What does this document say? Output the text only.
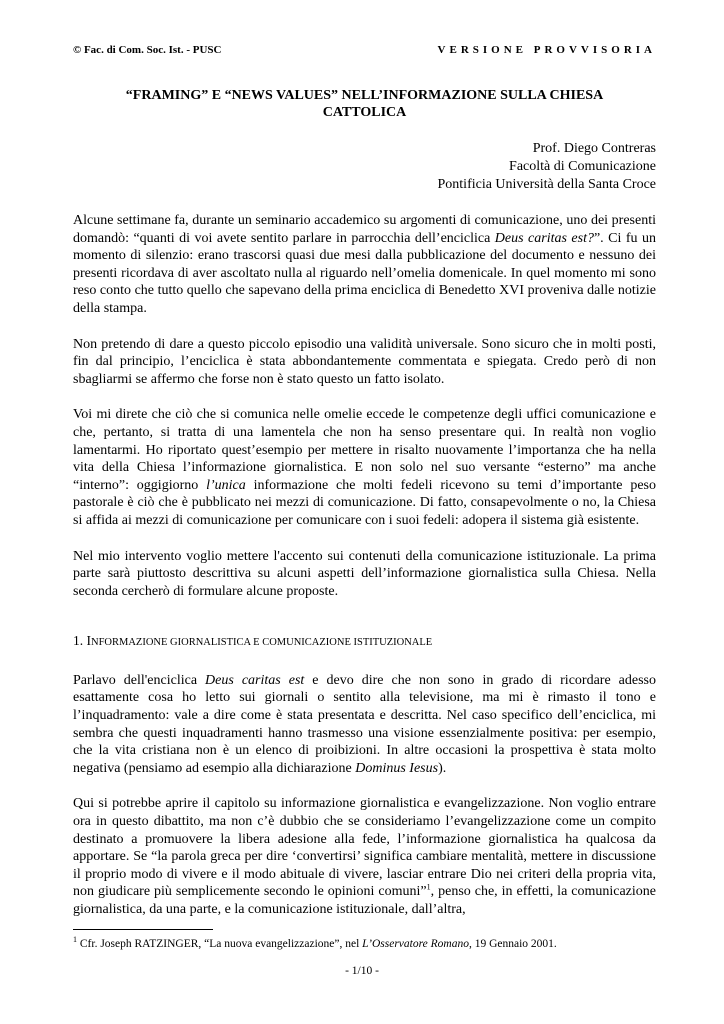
© Fac. di Com. Soc. Ist. - PUSC	VERSIONE PROVVISORIA
“FRAMING” E “NEWS VALUES” NELL’INFORMAZIONE SULLA CHIESA
CATTOLICA
Prof. Diego Contreras
Facoltà di Comunicazione
Pontificia Università della Santa Croce

Alcune settimane fa, durante un seminario accademico su argomenti di comunicazione, uno dei presenti domandò: “quanti di voi avete sentito parlare in parrocchia dell’enciclica Deus caritas est?”. Ci fu un momento di silenzio: erano trascorsi quasi due mesi dalla pubblicazione del documento e nessuno dei presenti ricordava di aver ascoltato nulla al riguardo nell’omelia domenicale. In quel momento mi sono reso conto che tutto quello che sapevano della prima enciclica di Benedetto XVI proveniva dalle notizie della stampa.

Non pretendo di dare a questo piccolo episodio una validità universale. Sono sicuro che in molti posti, fin dal principio, l’enciclica è stata abbondantemente commentata e spiegata. Credo però di non sbagliarmi se affermo che forse non è stato questo un fatto isolato.

Voi mi direte che ciò che si comunica nelle omelie eccede le competenze degli uffici comunicazione e che, pertanto, si tratta di una lamentela che non ha senso presentare qui. In realtà non voglio lamentarmi. Ho riportato quest’esempio per mettere in risalto nuovamente l’importanza che ha nella vita della Chiesa l’informazione giornalistica. E non solo nel suo versante “esterno” ma anche “interno”: oggigiorno l’unica informazione che molti fedeli ricevono su temi d’importante peso pastorale è ciò che è pubblicato nei mezzi di comunicazione. Di fatto, consapevolmente o no, la Chiesa si affida ai mezzi di comunicazione per comunicare con i suoi fedeli: adopera il sistema già esistente.

Nel mio intervento voglio mettere l'accento sui contenuti della comunicazione istituzionale. La prima parte sarà piuttosto descrittiva su alcuni aspetti dell’informazione giornalistica sulla Chiesa. Nella seconda cercherò di formulare alcune proposte.

1. INFORMAZIONE GIORNALISTICA E COMUNICAZIONE ISTITUZIONALE

Parlavo dell'enciclica Deus caritas est e devo dire che non sono in grado di ricordare adesso esattamente cosa ho letto sui giornali o sentito alla televisione, ma mi è rimasto il tono e l’inquadramento: vale a dire come è stata presentata e descritta. Nel caso specifico dell’enciclica, mi sembra che questi inquadramenti hanno trasmesso una visione essenzialmente positiva: per esempio, che la vita cristiana non è un elenco di proibizioni. In altre occasioni la prospettiva è stata molto negativa (pensiamo ad esempio alla dichiarazione Dominus Iesus).

Qui si potrebbe aprire il capitolo su informazione giornalistica e evangelizzazione. Non voglio entrare ora in questo dibattito, ma non c’è dubbio che se consideriamo l’evangelizzazione come un compito destinato a promuovere la libera adesione alla fede, l’informazione giornalistica ha qualcosa da apportare. Se “la parola greca per dire ‘convertirsi’ significa cambiare mentalità, mettere in discussione il proprio modo di vivere e il modo abituale di vivere, lasciar entrare Dio nei criteri della propria vita, non giudicare più semplicemente secondo le opinioni comuni”$^1$, penso che, in effetti, la comunicazione giornalistica, da una parte, e la comunicazione istituzionale, dall’altra,

$^1$ Cfr. Joseph RATZINGER, “La nuova evangelizzazione”, nel L’Osservatore Romano, 19 Gennaio 2001.
- 1/10 -
